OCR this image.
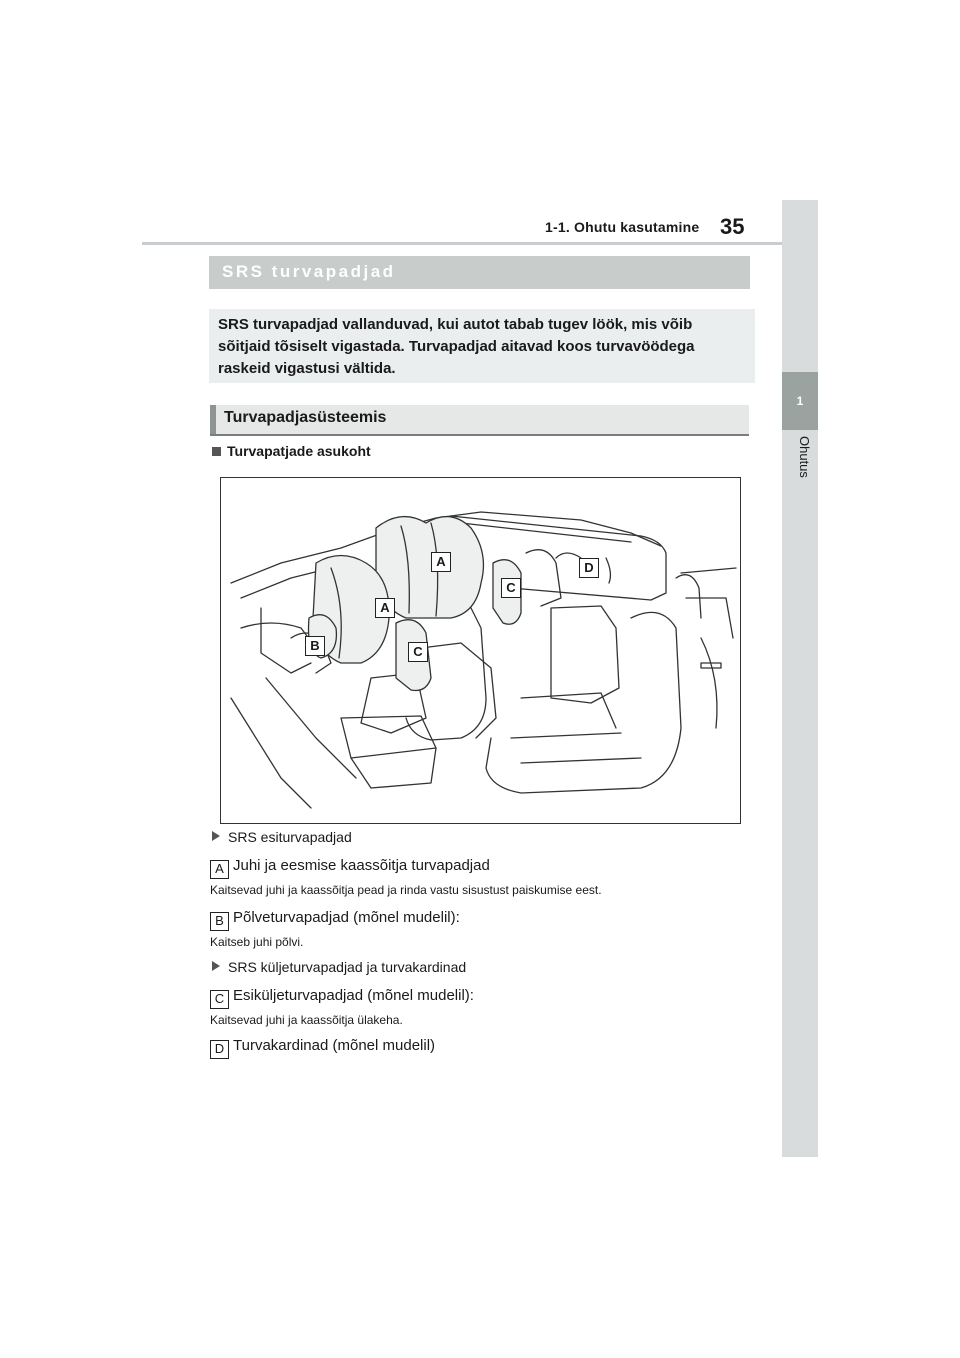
1-1. Ohutu kasutamine 35
1
Ohutus
SRS turvapadjad
SRS turvapadjad vallanduvad, kui autot tabab tugev löök, mis võib sõitjaid tõsiselt vigastada. Turvapadjad aitavad koos turvavöödega raskeid vigastusi vältida.
Turvapadjasüsteemis
Turvapatjade asukoht
A
A
B
C
C
D
SRS esiturvapadjad
A Juhi ja eesmise kaassõitja turvapadjad
Kaitsevad juhi ja kaassõitja pead ja rinda vastu sisustust paiskumise eest.
B Põlveturvapadjad (mõnel mudelil):
Kaitseb juhi põlvi.
SRS küljeturvapadjad ja turvakardinad
C Esiküljeturvapadjad (mõnel mudelil):
Kaitsevad juhi ja kaassõitja ülakeha.
D Turvakardinad (mõnel mudelil)
